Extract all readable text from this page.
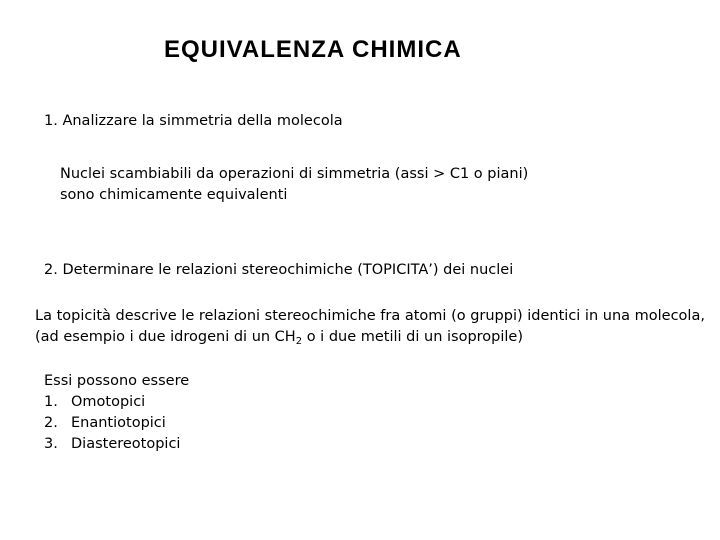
EQUIVALENZA CHIMICA
1. Analizzare la simmetria della molecola
Nuclei scambiabili da operazioni di simmetria (assi > C1 o piani)
sono chimicamente equivalenti
2. Determinare le relazioni stereochimiche (TOPICITA’) dei nuclei
La topicità descrive le relazioni stereochimiche fra atomi (o gruppi) identici in una molecola,
(ad esempio i due idrogeni di un $CH_2$ o i due metili di un isopropile)
Essi possono essere
1. Omotopici
2. Enantiotopici
3. Diastereotopici
